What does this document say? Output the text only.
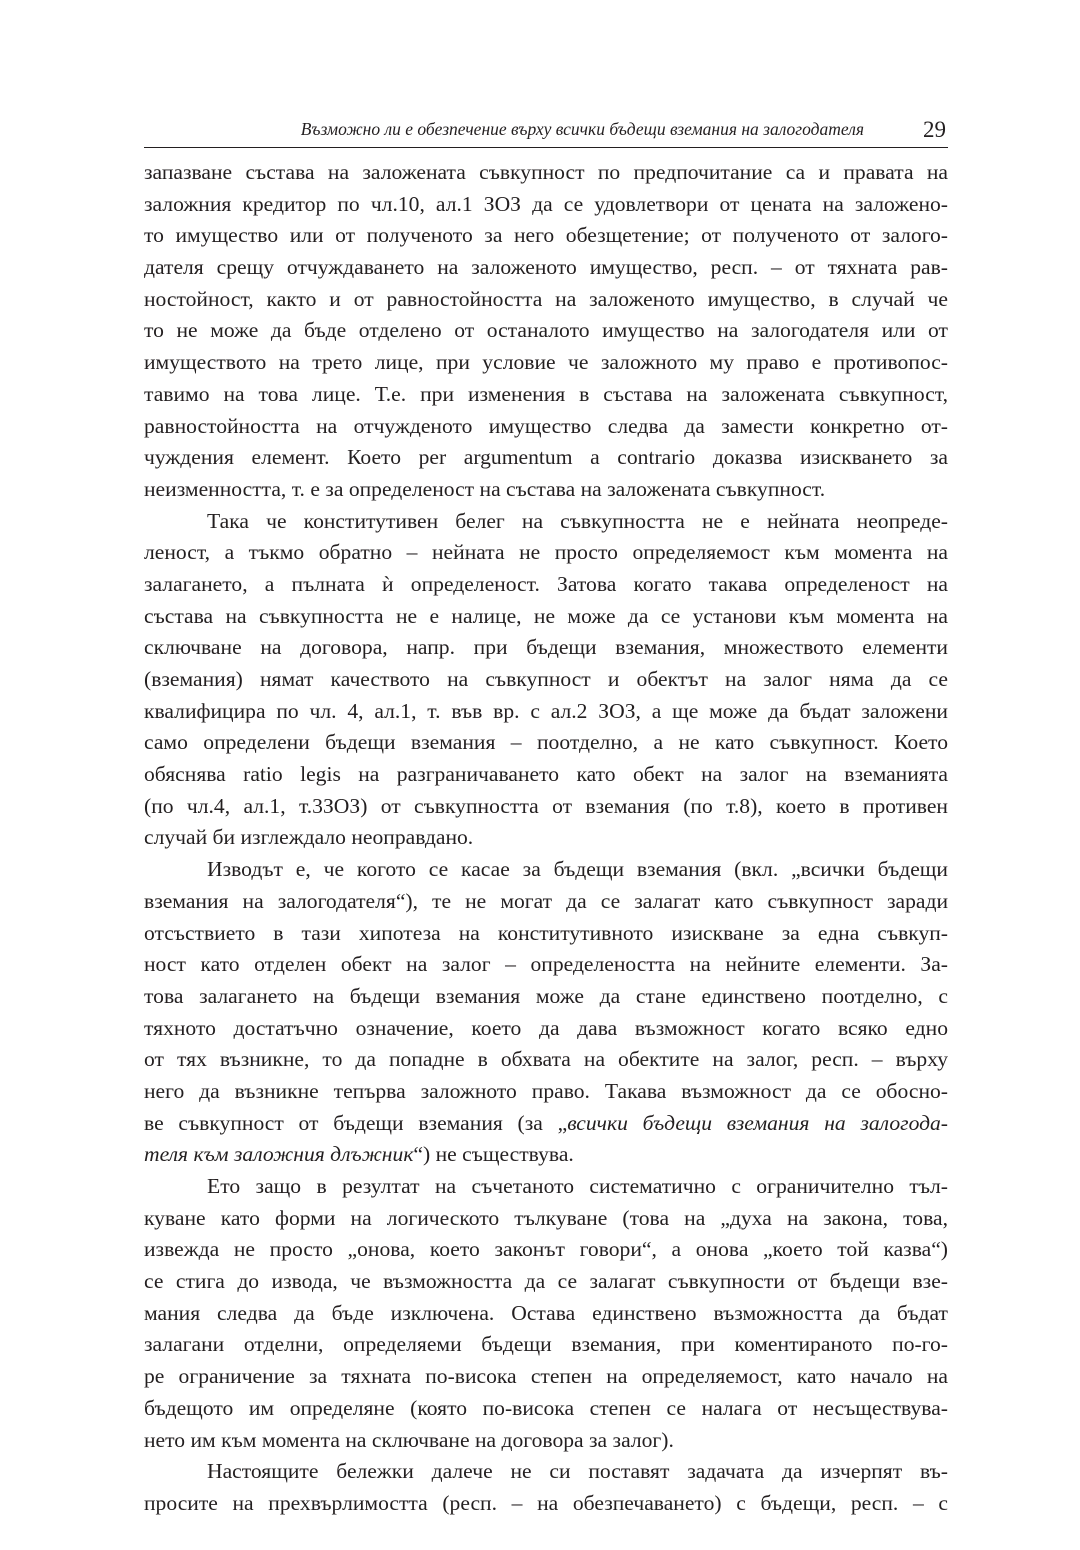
Възможно ли е обезпечение върху всички бъдещи вземания на залогодателя	29
запазване състава на заложената съвкупност по предпочитание са и правата на
заложния кредитор по чл.10, ал.1 ЗОЗ да се удовлетвори от цената на заложено-
то имущество или от полученото за него обезщетение; от полученото от залого-
дателя срещу отчуждаването на заложеното имущество, респ. – от тяхната рав-
ностойност, както и от равностойността на заложеното имущество, в случай че
то не може да бъде отделено от останалото имущество на залогодателя или от
имуществото на трето лице, при условие че заложното му право е противопос-
тавимо на това лице. Т.е. при изменения в състава на заложената съвкупност,
равностойността на отчужденото имущество следва да замести конкретно от-
чуждения елемент. Което per argumentum a contrario доказва изискването за
неизменността, т. е за определеност на състава на заложената съвкупност.
Така че конститутивен белег на съвкупността не е нейната неопреде-
леност, а тъкмо обратно – нейната не просто определяемост към момента на
залагането, а пълната ѝ определеност. Затова когато такава определеност на
състава на съвкупността не е налице, не може да се установи към момента на
сключване на договора, напр. при бъдещи вземания, множеството елементи
(вземания) нямат качеството на съвкупност и обектът на залог няма да се
квалифицира по чл. 4, ал.1, т. във вр. с ал.2 ЗОЗ, а ще може да бъдат заложени
само определени бъдещи вземания – поотделно, а не като съвкупност. Което
обяснява ratio legis на разграничаването като обект на залог на вземанията
(по чл.4, ал.1, т.3ЗОЗ) от съвкупността от вземания (по т.8), което в противен
случай би изглеждало неоправдано.
Изводът е, че когото се касае за бъдещи вземания (вкл. „всички бъдещи
вземания на залогодателя“), те не могат да се залагат като съвкупност заради
отсъствието в тази хипотеза на конститутивното изискване за една съвкуп-
ност като отделен обект на залог – определеността на нейните елементи. За-
това залагането на бъдещи вземания може да стане единствено поотделно, с
тяхното достатъчно означение, което да дава възможност когато всяко едно
от тях възникне, то да попадне в обхвата на обектите на залог, респ. – върху
него да възникне тепърва заложното право. Такава възможност да се обосно-
ве съвкупност от бъдещи вземания (за „всички бъдещи вземания на залогода-
теля към заложния длъжник“) не съществува.
Ето защо в резултат на съчетаното систематично с ограничително тъл-
куване като форми на логическото тълкуване (това на „духа на закона, това,
извежда не просто „онова, което законът говори“, а онова „което той казва“)
се стига до извода, че възможността да се залагат съвкупности от бъдещи взе-
мания следва да бъде изключена. Остава единствено възможността да бъдат
залагани отделни, определяеми бъдещи вземания, при коментираното по-го-
ре ограничение за тяхната по-висока степен на определяемост, като начало на
бъдещото им определяне (която по-висока степен се налага от несъществува-
нето им към момента на сключване на договора за залог).
Настоящите бележки далече не си поставят задачата да изчерпят въ-
просите на прехвърлимостта (респ. – на обезпечаването) с бъдещи, респ. – с
